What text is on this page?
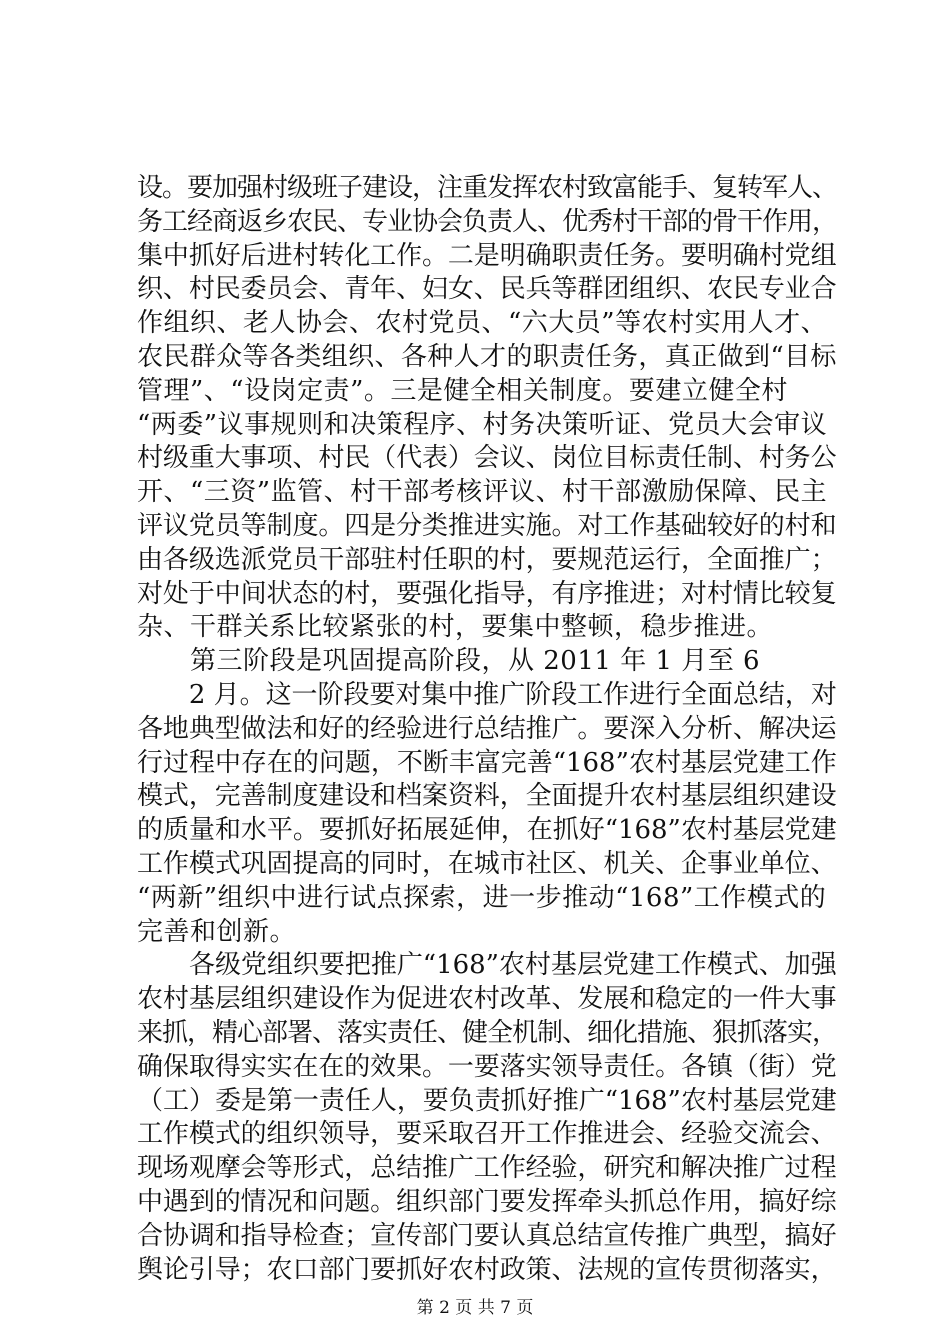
设。要加强村级班子建设，注重发挥农村致富能手、复转军人、
务工经商返乡农民、专业协会负责人、优秀村干部的骨干作用，
集中抓好后进村转化工作。二是明确职责任务。要明确村党组
织、村民委员会、青年、妇女、民兵等群团组织、农民专业合
作组织、老人协会、农村党员、“六大员”等农村实用人才、
农民群众等各类组织、各种人才的职责任务，真正做到“目标
管理”、“设岗定责”。三是健全相关制度。要建立健全村
“两委”议事规则和决策程序、村务决策听证、党员大会审议
村级重大事项、村民（代表）会议、岗位目标责任制、村务公
开、“三资”监管、村干部考核评议、村干部激励保障、民主
评议党员等制度。四是分类推进实施。对工作基础较好的村和
由各级选派党员干部驻村任职的村，要规范运行，全面推广；
对处于中间状态的村，要强化指导，有序推进；对村情比较复
杂、干群关系比较紧张的村，要集中整顿，稳步推进。
　　第三阶段是巩固提高阶段，从 2011 年 1 月至 6
　　2 月。这一阶段要对集中推广阶段工作进行全面总结，对
各地典型做法和好的经验进行总结推广。要深入分析、解决运
行过程中存在的问题，不断丰富完善“168”农村基层党建工作
模式，完善制度建设和档案资料，全面提升农村基层组织建设
的质量和水平。要抓好拓展延伸，在抓好“168”农村基层党建
工作模式巩固提高的同时，在城市社区、机关、企事业单位、
“两新”组织中进行试点探索，进一步推动“168”工作模式的
完善和创新。
　　各级党组织要把推广“168”农村基层党建工作模式、加强
农村基层组织建设作为促进农村改革、发展和稳定的一件大事
来抓，精心部署、落实责任、健全机制、细化措施、狠抓落实，
确保取得实实在在的效果。一要落实领导责任。各镇（街）党
（工）委是第一责任人，要负责抓好推广“168”农村基层党建
工作模式的组织领导，要采取召开工作推进会、经验交流会、
现场观摩会等形式，总结推广工作经验，研究和解决推广过程
中遇到的情况和问题。组织部门要发挥牵头抓总作用，搞好综
合协调和指导检查；宣传部门要认真总结宣传推广典型，搞好
舆论引导；农口部门要抓好农村政策、法规的宣传贯彻落实，
第 2 页 共 7 页
